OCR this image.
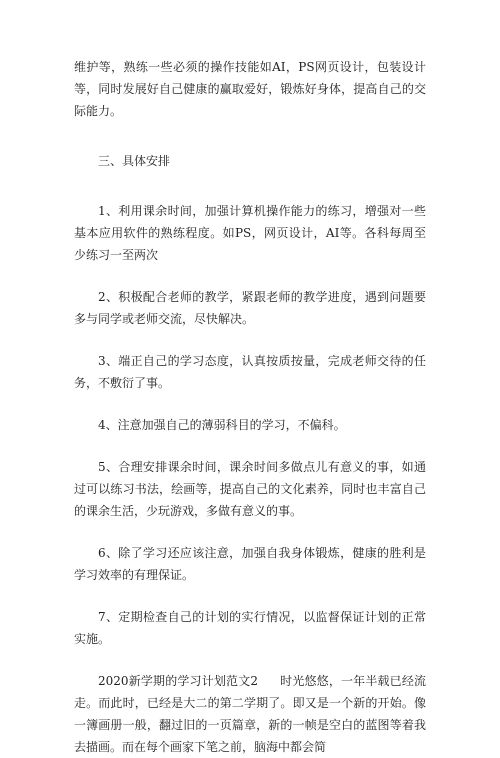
维护等，熟练一些必须的操作技能如AI，PS网页设计，包装设计等，同时发展好自己健康的赢取爱好，锻炼好身体，提高自己的交际能力。

三、具体安排

1、利用课余时间，加强计算机操作能力的练习，增强对一些基本应用软件的熟练程度。如PS，网页设计，AI等。各科每周至少练习一至两次

2、积极配合老师的教学，紧跟老师的教学进度，遇到问题要多与同学或老师交流，尽快解决。

3、端正自己的学习态度，认真按质按量，完成老师交待的任务，不敷衍了事。

4、注意加强自己的薄弱科目的学习，不偏科。

5、合理安排课余时间，课余时间多做点儿有意义的事，如通过可以练习书法，绘画等，提高自己的文化素养，同时也丰富自己的课余生活，少玩游戏，多做有意义的事。

6、除了学习还应该注意，加强自我身体锻炼，健康的胜利是学习效率的有理保证。

7、定期检查自己的计划的实行情况，以监督保证计划的正常实施。

2020新学期的学习计划范文2 时光悠悠，一年半载已经流走。而此时，已经是大二的第二学期了。即又是一个新的开始。像一簿画册一般，翻过旧的一页篇章，新的一帧是空白的蓝图等着我去描画。而在每个画家下笔之前，脑海中都会简
